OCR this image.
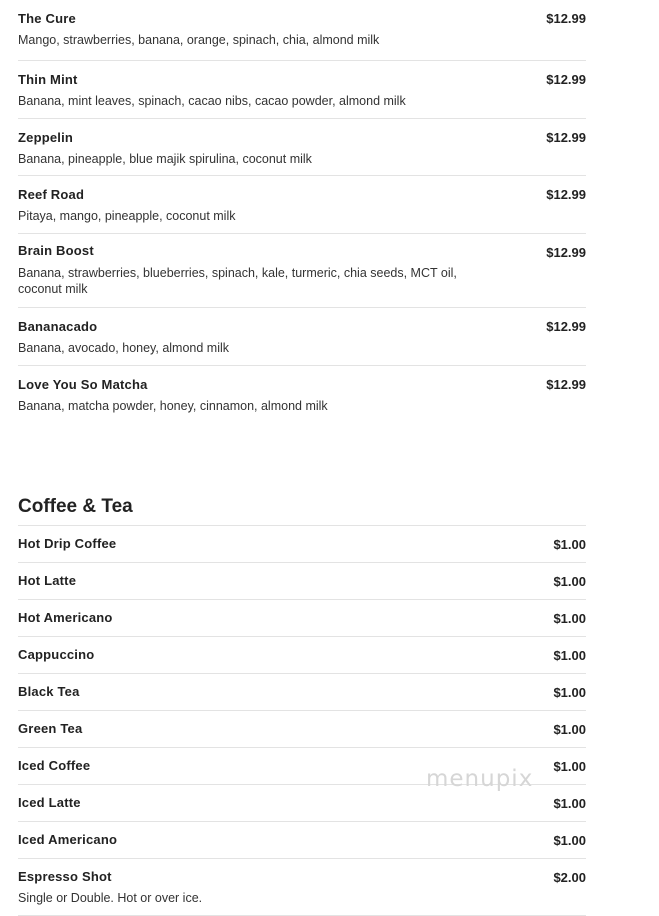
The Cure	$12.99
Mango, strawberries, banana, orange, spinach, chia, almond milk
Thin Mint	$12.99
Banana, mint leaves, spinach, cacao nibs, cacao powder, almond milk
Zeppelin	$12.99
Banana, pineapple, blue majik spirulina, coconut milk
Reef Road	$12.99
Pitaya, mango, pineapple, coconut milk
Brain Boost	$12.99
Banana, strawberries, blueberries, spinach, kale, turmeric, chia seeds, MCT oil, coconut milk
Bananacado	$12.99
Banana, avocado, honey, almond milk
Love You So Matcha	$12.99
Banana, matcha powder, honey, cinnamon, almond milk
Coffee & Tea
Hot Drip Coffee	$1.00
Hot Latte	$1.00
Hot Americano	$1.00
Cappuccino	$1.00
Black Tea	$1.00
Green Tea	$1.00
Iced Coffee	$1.00
Iced Latte	$1.00
Iced Americano	$1.00
Espresso Shot	$2.00
Single or Double. Hot or over ice.
menupix
